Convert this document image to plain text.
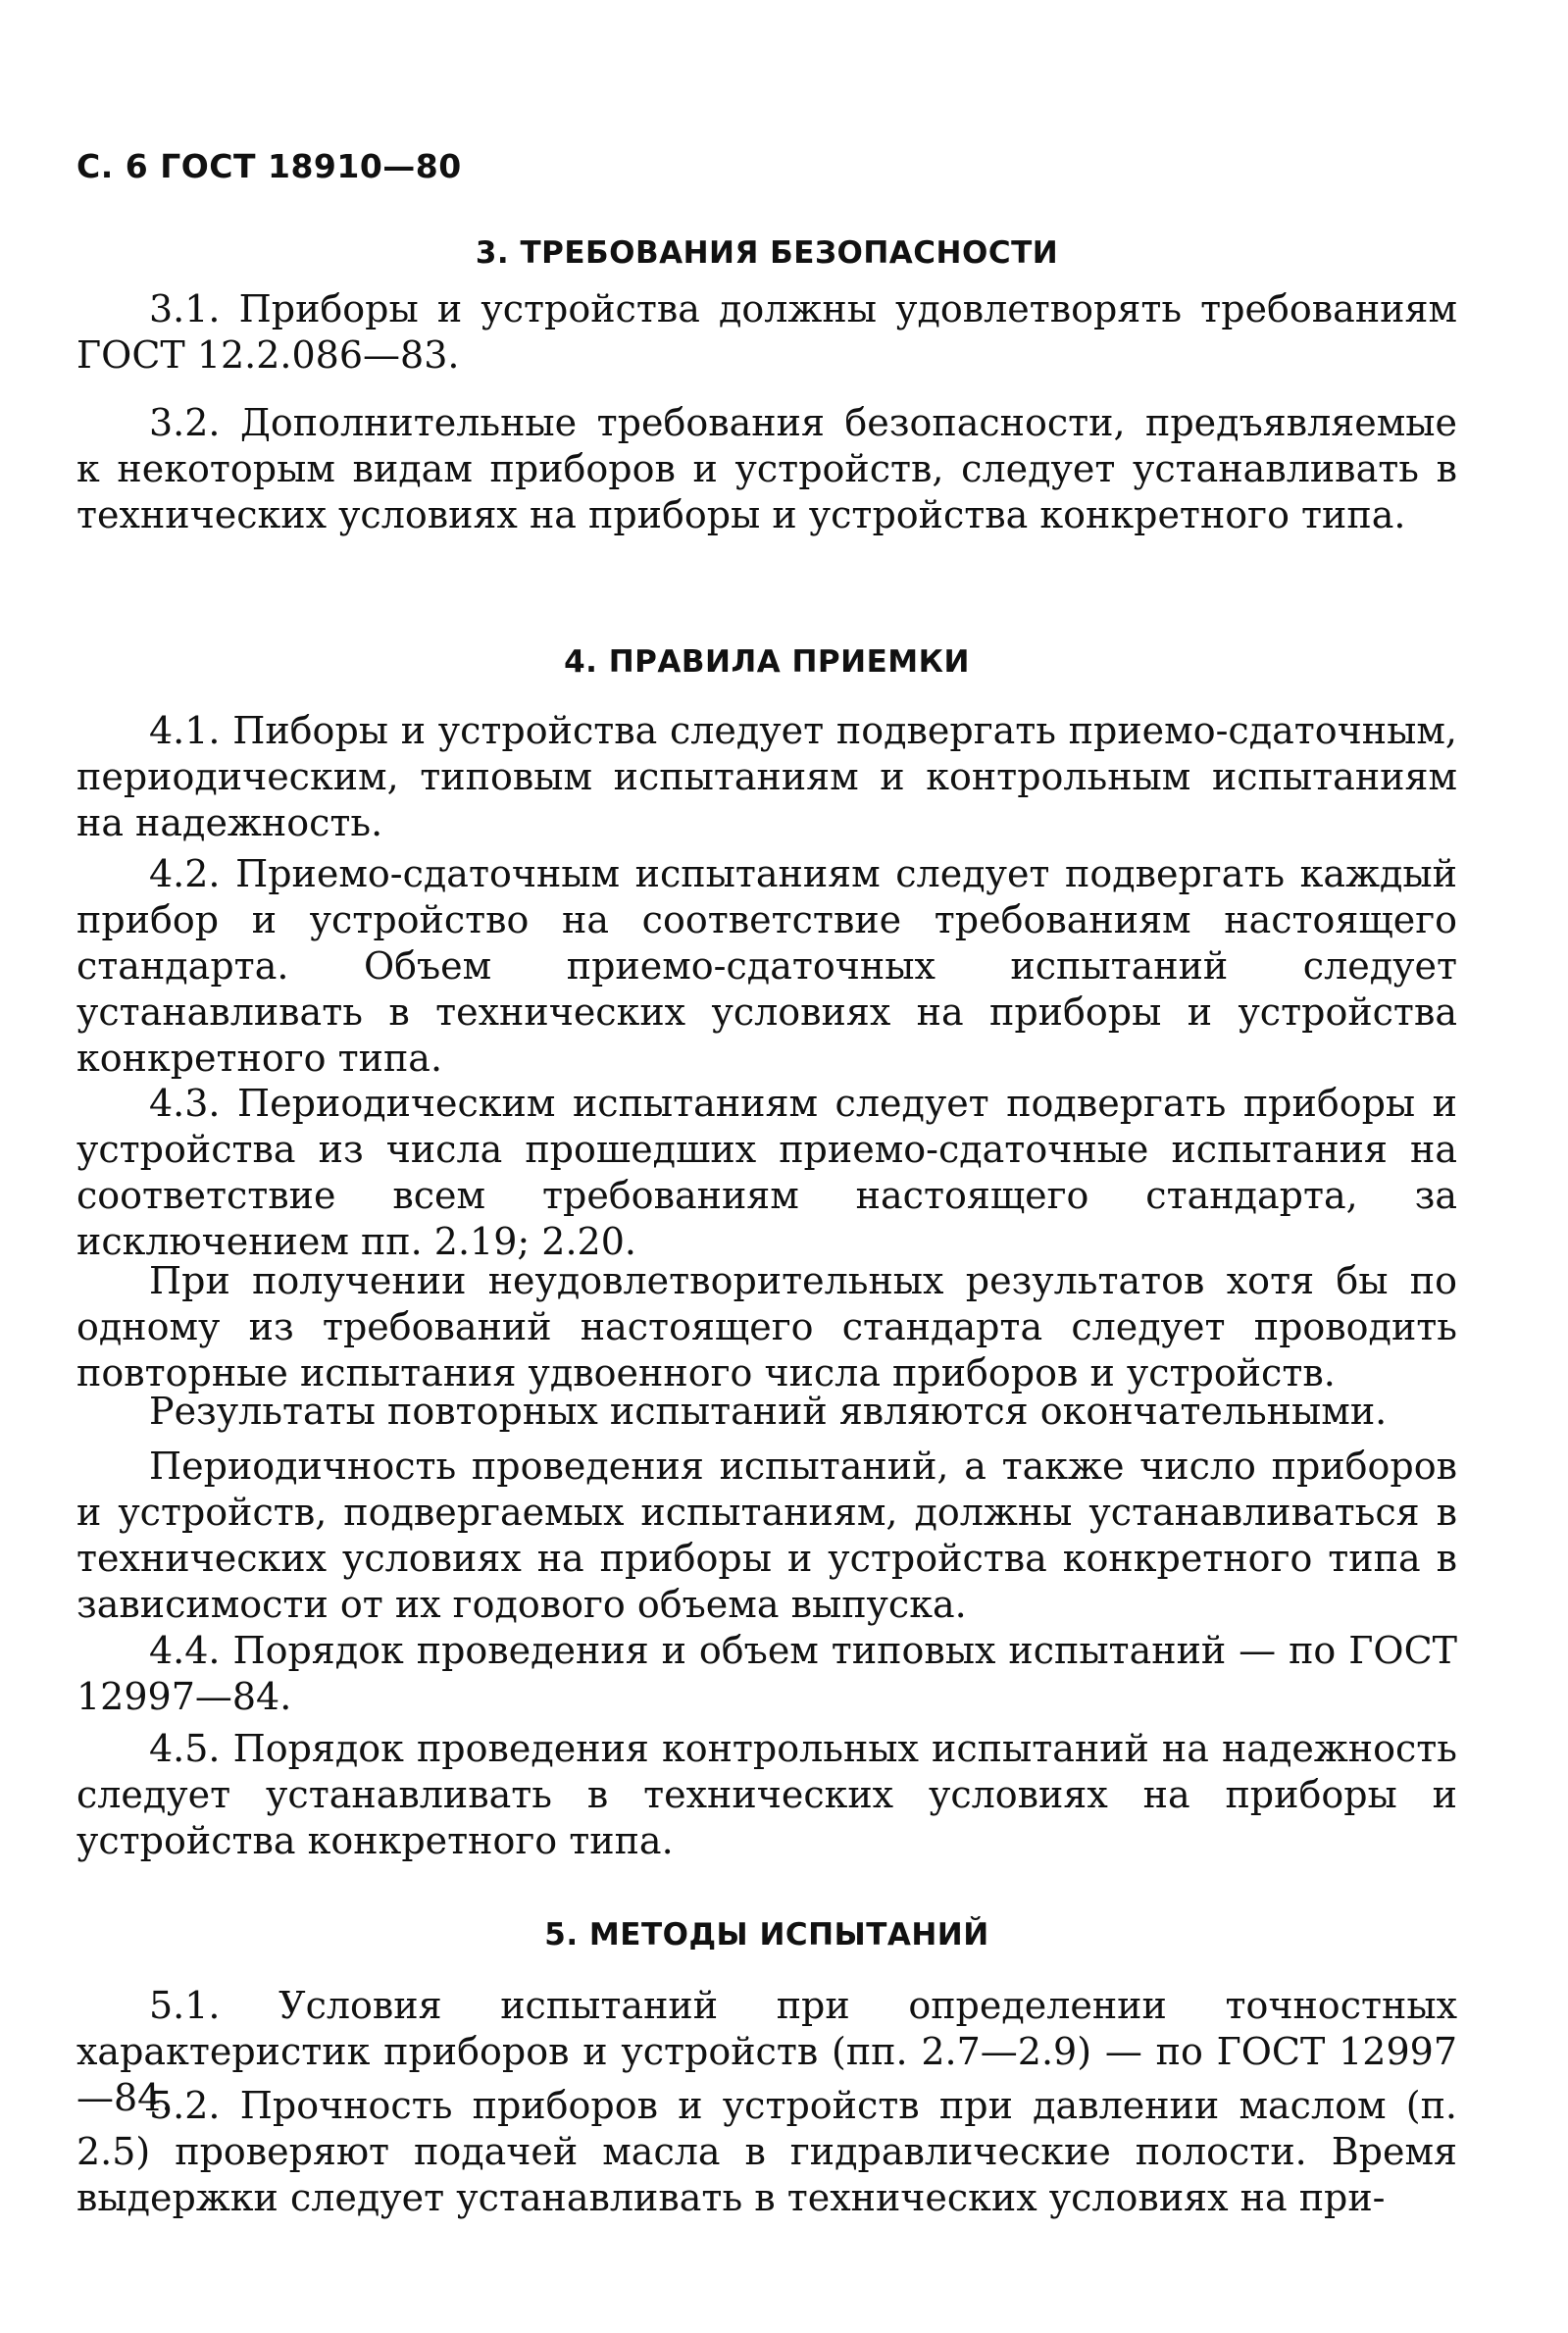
С. 6 ГОСТ 18910—80
3. ТРЕБОВАНИЯ БЕЗОПАСНОСТИ

3.1. Приборы и устройства должны удовлетворять требованиям ГОСТ 12.2.086—83.

3.2. Дополнительные требования безопасности, предъявляемые к некоторым видам приборов и устройств, следует устанавливать в технических условиях на приборы и устройства конкретного типа.

4. ПРАВИЛА ПРИЕМКИ

4.1. Пиборы и устройства следует подвергать приемо-сдаточным, периодическим, типовым испытаниям и контрольным испытаниям на надежность.

4.2. Приемо-сдаточным испытаниям следует подвергать каждый прибор и устройство на соответствие требованиям настоящего стандарта. Объем приемо-сдаточных испытаний следует устанавливать в технических условиях на приборы и устройства конкретного типа.

4.3. Периодическим испытаниям следует подвергать приборы и устройства из числа прошедших приемо-сдаточные испытания на соответствие всем требованиям настоящего стандарта, за исключением пп. 2.19; 2.20.

При получении неудовлетворительных результатов хотя бы по одному из требований настоящего стандарта следует проводить повторные испытания удвоенного числа приборов и устройств.

Результаты повторных испытаний являются окончательными.

Периодичность проведения испытаний, а также число приборов и устройств, подвергаемых испытаниям, должны устанавливаться в технических условиях на приборы и устройства конкретного типа в зависимости от их годового объема выпуска.

4.4. Порядок проведения и объем типовых испытаний — по ГОСТ 12997—84.

4.5. Порядок проведения контрольных испытаний на надежность следует устанавливать в технических условиях на приборы и устройства конкретного типа.

5. МЕТОДЫ ИСПЫТАНИЙ

5.1. Условия испытаний при определении точностных характеристик приборов и устройств (пп. 2.7—2.9) — по ГОСТ 12997—84.

5.2. Прочность приборов и устройств при давлении маслом (п. 2.5) проверяют подачей масла в гидравлические полости. Время выдержки следует устанавливать в технических условиях на при-
